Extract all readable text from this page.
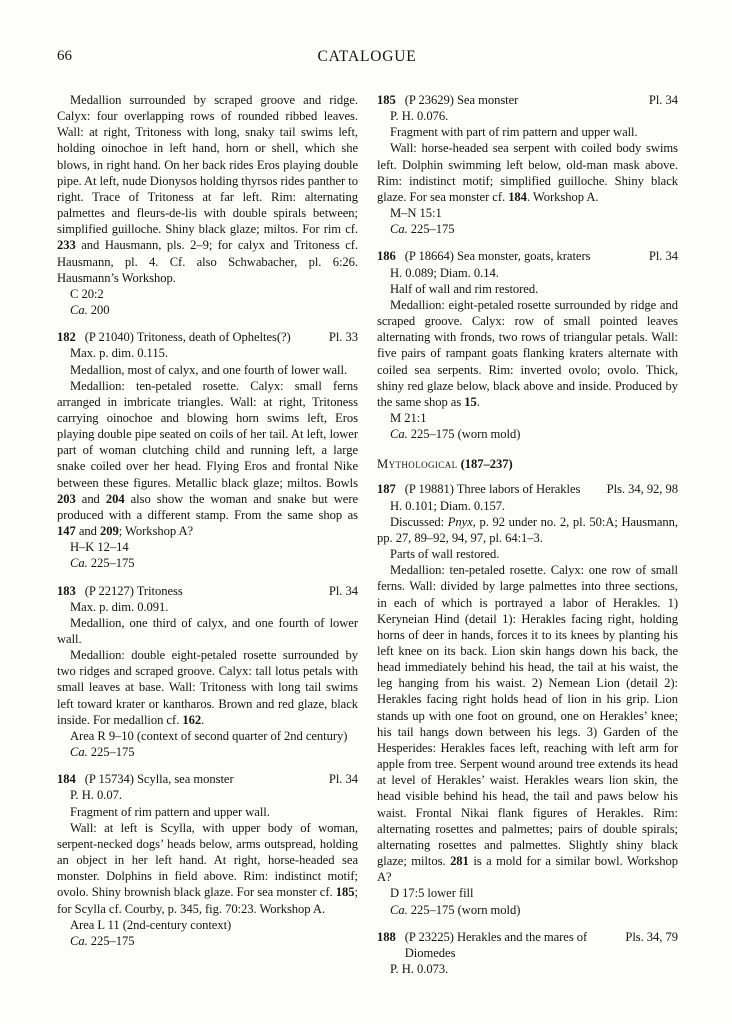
66	CATALOGUE

Medallion surrounded by scraped groove and ridge. Calyx: four overlapping rows of rounded ribbed leaves. Wall: at right, Tritoness with long, snaky tail swims left, holding oinochoe in left hand, horn or shell, which she blows, in right hand. On her back rides Eros playing double pipe. At left, nude Dionysos holding thyrsos rides panther to right. Trace of Tritoness at far left. Rim: alternating palmettes and fleurs-de-lis with double spirals between; simplified guilloche. Shiny black glaze; miltos. For rim cf. 233 and Hausmann, pls. 2–9; for calyx and Tritoness cf. Hausmann, pl. 4. Cf. also Schwabacher, pl. 6:26. Hausmann’s Workshop.

C 20:2

Ca. 200

182 (P 21040) Tritoness, death of Opheltes(?)	Pl. 33

Max. p. dim. 0.115.

Medallion, most of calyx, and one fourth of lower wall.

Medallion: ten-petaled rosette. Calyx: small ferns arranged in imbricate triangles. Wall: at right, Tritoness carrying oinochoe and blowing horn swims left, Eros playing double pipe seated on coils of her tail. At left, lower part of woman clutching child and running left, a large snake coiled over her head. Flying Eros and frontal Nike between these figures. Metallic black glaze; miltos. Bowls 203 and 204 also show the woman and snake but were produced with a different stamp. From the same shop as 147 and 209; Workshop A?

H–K 12–14

Ca. 225–175

183 (P 22127) Tritoness	Pl. 34

Max. p. dim. 0.091.

Medallion, one third of calyx, and one fourth of lower wall.

Medallion: double eight-petaled rosette surrounded by two ridges and scraped groove. Calyx: tall lotus petals with small leaves at base. Wall: Tritoness with long tail swims left toward krater or kantharos. Brown and red glaze, black inside. For medallion cf. 162.

Area R 9–10 (context of second quarter of 2nd century)

Ca. 225–175

184 (P 15734) Scylla, sea monster	Pl. 34

P. H. 0.07.

Fragment of rim pattern and upper wall.

Wall: at left is Scylla, with upper body of woman, serpent-necked dogs’ heads below, arms outspread, holding an object in her left hand. At right, horse-headed sea monster. Dolphins in field above. Rim: indistinct motif; ovolo. Shiny brownish black glaze. For sea monster cf. 185; for Scylla cf. Courby, p. 345, fig. 70:23. Workshop A.

Area L 11 (2nd-century context)

Ca. 225–175

185 (P 23629) Sea monster	Pl. 34

P. H. 0.076.

Fragment with part of rim pattern and upper wall.

Wall: horse-headed sea serpent with coiled body swims left. Dolphin swimming left below, old-man mask above. Rim: indistinct motif; simplified guilloche. Shiny black glaze. For sea monster cf. 184. Workshop A.

M–N 15:1

Ca. 225–175

186 (P 18664) Sea monster, goats, kraters	Pl. 34

H. 0.089; Diam. 0.14.

Half of wall and rim restored.

Medallion: eight-petaled rosette surrounded by ridge and scraped groove. Calyx: row of small pointed leaves alternating with fronds, two rows of triangular petals. Wall: five pairs of rampant goats flanking kraters alternate with coiled sea serpents. Rim: inverted ovolo; ovolo. Thick, shiny red glaze below, black above and inside. Produced by the same shop as 15.

M 21:1

Ca. 225–175 (worn mold)

Mythological (187–237)

187 (P 19881) Three labors of Herakles	Pls. 34, 92, 98

H. 0.101; Diam. 0.157.

Discussed: Pnyx, p. 92 under no. 2, pl. 50:A; Hausmann, pp. 27, 89–92, 94, 97, pl. 64:1–3.

Parts of wall restored.

Medallion: ten-petaled rosette. Calyx: one row of small ferns. Wall: divided by large palmettes into three sections, in each of which is portrayed a labor of Herakles. 1) Keryneian Hind (detail 1): Herakles facing right, holding horns of deer in hands, forces it to its knees by planting his left knee on its back. Lion skin hangs down his back, the head immediately behind his head, the tail at his waist, the leg hanging from his waist. 2) Nemean Lion (detail 2): Herakles facing right holds head of lion in his grip. Lion stands up with one foot on ground, one on Herakles’ knee; his tail hangs down between his legs. 3) Garden of the Hesperides: Herakles faces left, reaching with left arm for apple from tree. Serpent wound around tree extends its head at level of Herakles’ waist. Herakles wears lion skin, the head visible behind his head, the tail and paws below his waist. Frontal Nikai flank figures of Herakles. Rim: alternating rosettes and palmettes; pairs of double spirals; alternating rosettes and palmettes. Slightly shiny black glaze; miltos. 281 is a mold for a similar bowl. Workshop A?

D 17:5 lower fill

Ca. 225–175 (worn mold)

188 (P 23225) Herakles and the mares of
Diomedes
Pls. 34, 79

P. H. 0.073.
